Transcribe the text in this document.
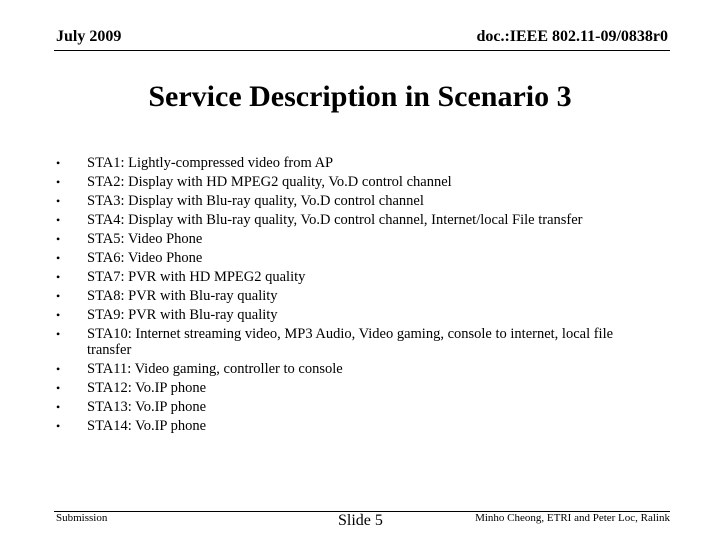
July 2009	doc.:IEEE 802.11-09/0838r0
Service Description in Scenario 3
• STA1: Lightly-compressed video from AP
• STA2: Display with HD MPEG2 quality, Vo.D control channel
• STA3: Display with Blu-ray quality, Vo.D control channel
• STA4: Display with Blu-ray quality, Vo.D control channel, Internet/local File transfer
• STA5: Video Phone
• STA6: Video Phone
• STA7: PVR with HD MPEG2 quality
• STA8: PVR with Blu-ray quality
• STA9: PVR with Blu-ray quality
• STA10: Internet streaming video, MP3 Audio, Video gaming, console to internet, local file transfer
• STA11: Video gaming, controller to console
• STA12: Vo.IP phone
• STA13: Vo.IP phone
• STA14: Vo.IP phone
Submission	Slide 5	Minho Cheong, ETRI and Peter Loc, Ralink
